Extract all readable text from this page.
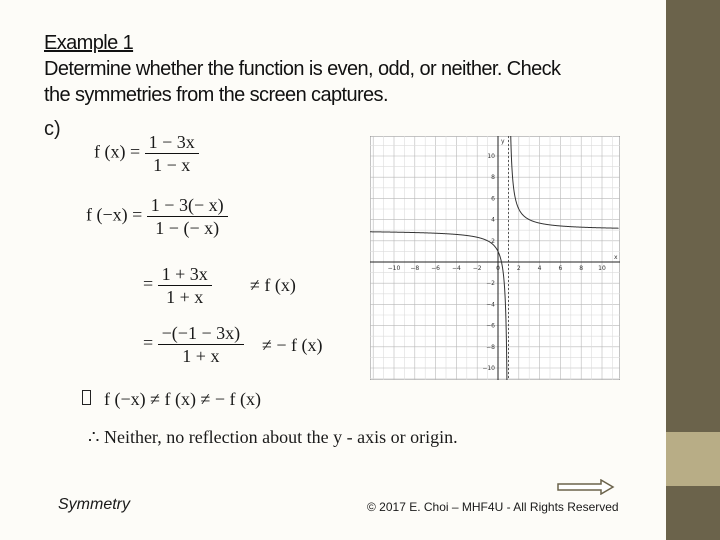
Example 1
Determine whether the function is even, odd, or neither. Check
the symmetries from the screen captures.
c)
f $(x) = \frac{1 - 3x}{1 - x}$
f $(-x) = \frac{1 - 3(- x)}{1 - (- x)}$
= $\frac{1 + 3x}{1 + x} \ne f$ (x)
= $\frac{-(-1 - 3x)}{1 + x}$ ≠ − f (x)
f (−x) ≠ f (x) ≠ − f (x)
∴ Neither, no reflection about the y - axis or origin.
−10 −8 −6 −4 −2 0	2	4	6	8	10
10
8
6
4
2
−2
−4
−6
−8
−10
x
y
Symmetry	© 2017 E. Choi – MHF4U - All Rights Reserved
